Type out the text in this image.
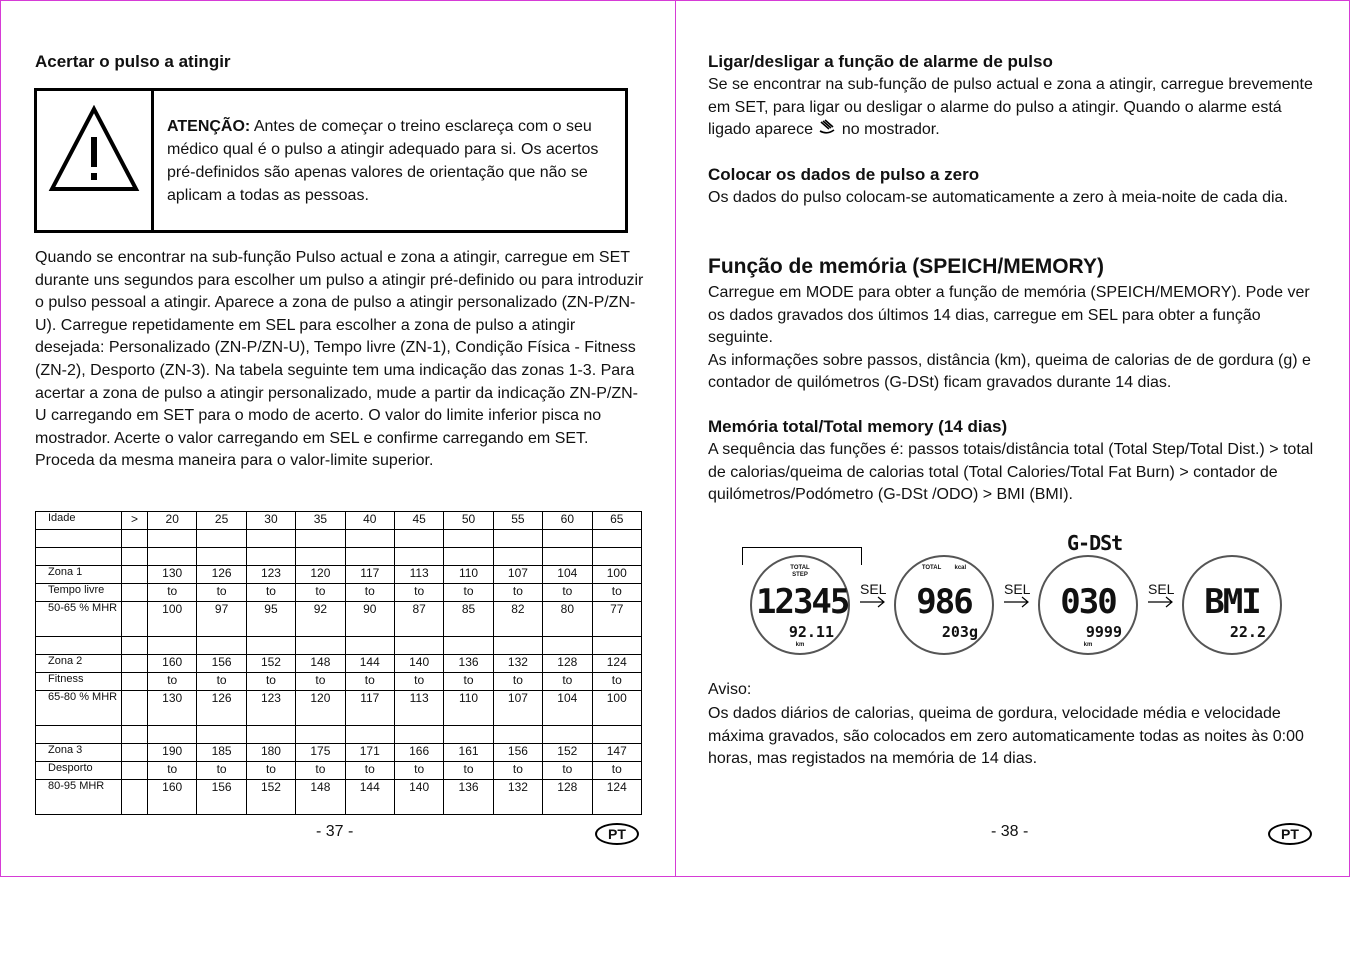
Acertar o pulso a atingir
ATENÇÃO: Antes de começar o treino esclareça com o seu médico qual é o pulso a atingir adequado para si. Os acertos pré-definidos são apenas valores de orientação que não se aplicam a todas as pessoas.
Quando se encontrar na sub-função Pulso actual e zona a atingir, carregue em SET durante uns segundos para escolher um pulso a atingir pré-definido ou para introduzir o pulso pessoal a atingir. Aparece a zona de pulso a atingir personalizado (ZN-P/ZN-U). Carregue repetidamente em SEL para escolher a zona de pulso a atingir desejada: Personalizado (ZN-P/ZN-U), Tempo livre (ZN-1), Condição Física - Fitness (ZN-2), Desporto (ZN-3). Na tabela seguinte tem uma indicação das zonas 1-3. Para acertar a zona de pulso a atingir personalizado, mude a partir da indicação ZN-P/ZN-U carregando em SET para o modo de acerto. O valor do limite inferior pisca no mostrador. Acerte o valor carregando em SEL e confirme carregando em SET. Proceda da mesma maneira para o valor-limite superior.
Idade	>	20	25	30	35	40	45	50	55	60	65

Zona 1		130	126	123	120	117	113	110	107	104	100
Tempo livre		to	to	to	to	to	to	to	to	to	to
50-65 % MHR		100	97	95	92	90	87	85	82	80	77

Zona 2		160	156	152	148	144	140	136	132	128	124
Fitness		to	to	to	to	to	to	to	to	to	to
65-80 % MHR		130	126	123	120	117	113	110	107	104	100

Zona 3		190	185	180	175	171	166	161	156	152	147
Desporto		to	to	to	to	to	to	to	to	to	to
80-95 MHR		160	156	152	148	144	140	136	132	128	124
- 37 -	PT
Ligar/desligar a função de alarme de pulso
Se se encontrar na sub-função de pulso actual e zona a atingir, carregue brevemente em SET, para ligar ou desligar o alarme do pulso a atingir. Quando o alarme está ligado aparece  no mostrador.
Colocar os dados de pulso a zero
Os dados do pulso colocam-se automaticamente a zero à meia-noite de cada dia.
Função de memória (SPEICH/MEMORY)
Carregue em MODE para obter a função de memória (SPEICH/MEMORY). Pode ver os dados gravados dos últimos 14 dias, carregue em SEL para obter a função seguinte.
As informações sobre passos, distância (km), queima de calorias de de gordura (g) e contador de quilómetros (G-DSt) ficam gravados durante 14 dias.
Memória total/Total memory (14 dias)
A sequência das funções é: passos totais/distância total (Total Step/Total Dist.) > total de calorias/queima de calorias total (Total Calories/Total Fat Burn) > contador de quilómetros/Podómetro (G-DSt /ODO) > BMI (BMI).
G-DSt
TOTAL
STEP
12345
92.11
km
SEL
TOTAL        kcal
986
203g
SEL 030
9999
km
SEL BMI
22.2
Aviso:
Os dados diários de calorias, queima de gordura, velocidade média e velocidade máxima gravados, são colocados em zero automaticamente todas as noites às 0:00 horas, mas registados na memória de 14 dias.
- 38 -	PT
